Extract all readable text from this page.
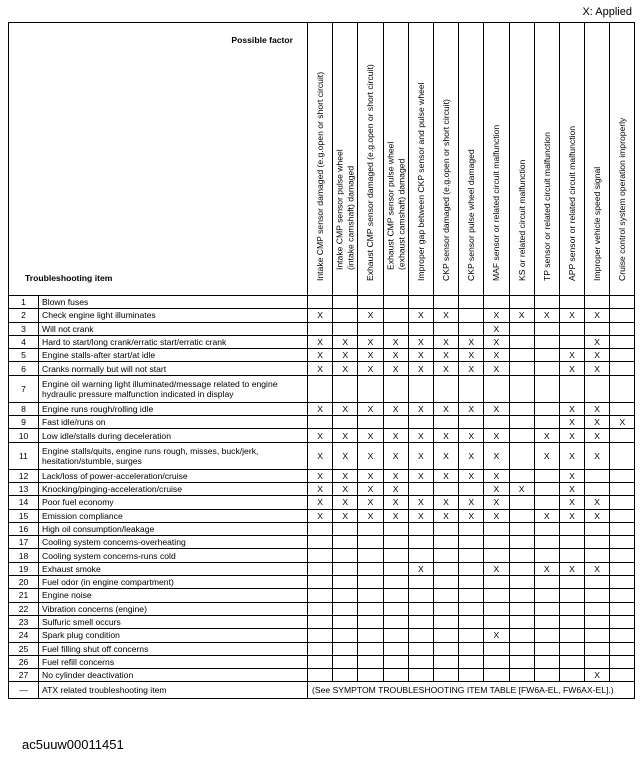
X: Applied
Possible factor
Troubleshooting item		Intake CMP sensor damaged (e.g.open or short circuit)	Intake CMP sensor pulse wheel
(intake camshaft) damaged	Exhaust CMP sensor damaged (e.g.open or short circuit)	Exhaust CMP sensor pulse wheel
(exhaust camshaft) damaged	Improper gap between CKP sensor and pulse wheel	CKP sensor damaged (e.g.open or short circuit)	CKP sensor pulse wheel damaged	MAF sensor or related circuit malfunction	KS or related circuit malfunction	TP sensor or related circuit malfunction	APP sensor or related circuit malfunction	Improper vehicle speed signal	Cruise control system operation improperly

1	Blown fuses													
2	Check engine light illuminates	X		X		X	X		X	X	X	X	X	
3	Will not crank								X					
4	Hard to start/long crank/erratic start/erratic crank	X	X	X	X	X	X	X	X				X	
5	Engine stalls-after start/at idle	X	X	X	X	X	X	X	X			X	X	
6	Cranks normally but will not start	X	X	X	X	X	X	X	X			X	X	
7	Engine oil warning light illuminated/message related to engine hydraulic pressure malfunction indicated in display													
8	Engine runs rough/rolling idle	X	X	X	X	X	X	X	X			X	X	
9	Fast idle/runs on											X	X	X
10	Low idle/stalls during deceleration	X	X	X	X	X	X	X	X		X	X	X	
11	Engine stalls/quits, engine runs rough, misses, buck/jerk, hesitation/stumble, surges	X	X	X	X	X	X	X	X		X	X	X	
12	Lack/loss of power-acceleration/cruise	X	X	X	X	X	X	X	X			X		
13	Knocking/pinging-acceleration/cruise	X	X	X	X				X	X		X		
14	Poor fuel economy	X	X	X	X	X	X	X	X			X	X	
15	Emission compliance	X	X	X	X	X	X	X	X		X	X	X	
16	High oil consumption/leakage													
17	Cooling system concerns-overheating													
18	Cooling system concerns-runs cold													
19	Exhaust smoke					X			X		X	X	X	
20	Fuel odor (in engine compartment)													
21	Engine noise													
22	Vibration concerns (engine)													
23	Sulfuric smell occurs													
24	Spark plug condition								X					
25	Fuel filling shut off concerns													
26	Fuel refill concerns													
27	No cylinder deactivation												X	
—	ATX related troubleshooting item	(See SYMPTOM TROUBLESHOOTING ITEM TABLE [FW6A-EL, FW6AX-EL].)												
ac5uuw00011451
